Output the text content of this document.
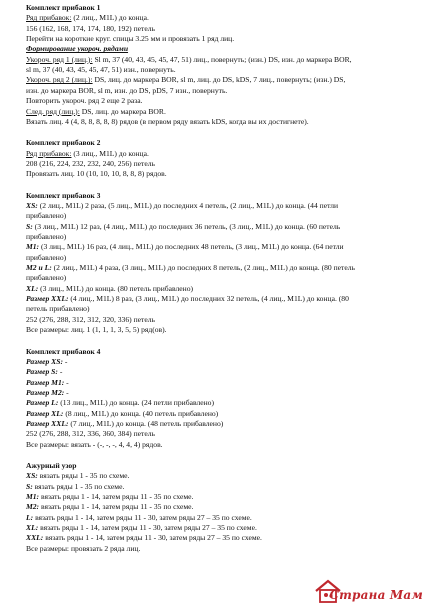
Комплект прибавок 1
Ряд прибавок: (2 лиц., M1L) до конца.
156 (162, 168, 174, 174, 180, 192) петель
Перейти на короткие круг. спицы 3.25 мм и провязать 1 ряд лиц.
Формирование укороч. рядами
Укороч. ряд 1 (лиц.): Sl m, 37 (40, 43, 45, 45, 47, 51) лиц., повернуть; (изн.) DS, изн. до маркера BOR,
sl m, 37 (40, 43, 45, 45, 47, 51) изн., повернуть.
Укороч. ряд 2 (лиц.): DS, лиц. до маркера BOR, sl m, лиц. до DS, kDS, 7 лиц., повернуть; (изн.) DS,
изн. до маркера BOR, sl m, изн. до DS, pDS, 7 изн., повернуть.
Повторить укороч. ряд 2 еще 2 раза.
След. ряд (лиц.): DS, лиц. до маркера BOR.
Вязать лиц. 4 (4, 8, 8, 8, 8, 8) рядов (в первом ряду вязать kDS, когда вы их достигнете).
Комплект прибавок 2
Ряд прибавок: (3 лиц., M1L) до конца.
208 (216, 224, 232, 232, 240, 256) петель
Провязать лиц. 10 (10, 10, 10, 8, 8, 8) рядов.
Комплект прибавок 3
XS: (2 лиц., M1L) 2 раза, (5 лиц., M1L) до последних 4 петель, (2 лиц., M1L) до конца. (44 петли
прибавлено)
S: (3 лиц., M1L) 12 раз, (4 лиц., M1L) до последних 36 петель, (3 лиц., M1L) до конца. (60 петель
прибавлено)
M1: (3 лиц., M1L) 16 раз, (4 лиц., M1L) до последних 48 петель, (3 лиц., M1L) до конца. (64 петли
прибавлено)
M2 и L: (2 лиц., M1L) 4 раза, (3 лиц., M1L) до последних 8 петель, (2 лиц., M1L) до конца. (80 петель
прибавлено)
XL: (3 лиц., M1L) до конца. (80 петель прибавлено)
Размер XXL: (4 лиц., M1L) 8 раз, (3 лиц., M1L) до последних 32 петель, (4 лиц., M1L) до конца. (80
петель прибавлено)
252 (276, 288, 312, 312, 320, 336) петель
Все размеры: лиц. 1 (1, 1, 1, 3, 5, 5) ряд(ов).
Комплект прибавок 4
Размер XS: -
Размер S: -
Размер M1: -
Размер M2: -
Размер L: (13 лиц., M1L) до конца. (24 петли прибавлено)
Размер XL: (8 лиц., M1L) до конца. (40 петель прибавлено)
Размер XXL: (7 лиц., M1L) до конца. (48 петель прибавлено)
252 (276, 288, 312, 336, 360, 384) петель
Все размеры: вязать - (-, -, -, 4, 4, 4) рядов.
Ажурный узор
XS: вязать ряды 1 - 35 по схеме.
S: вязать ряды 1 - 35 по схеме.
M1: вязать ряды 1 - 14, затем ряды 11 - 35 по схеме.
M2: вязать ряды 1 - 14, затем ряды 11 - 35 по схеме.
L: вязать ряды 1 - 14, затем ряды 11 - 30, затем ряды 27 – 35 по схеме.
XL: вязать ряды 1 - 14, затем ряды 11 - 30, затем ряды 27 – 35 по схеме.
XXL: вязать ряды 1 - 14, затем ряды 11 - 30, затем ряды 27 – 35 по схеме.
Все размеры: провязать 2 ряда лиц.
Страна Мам
